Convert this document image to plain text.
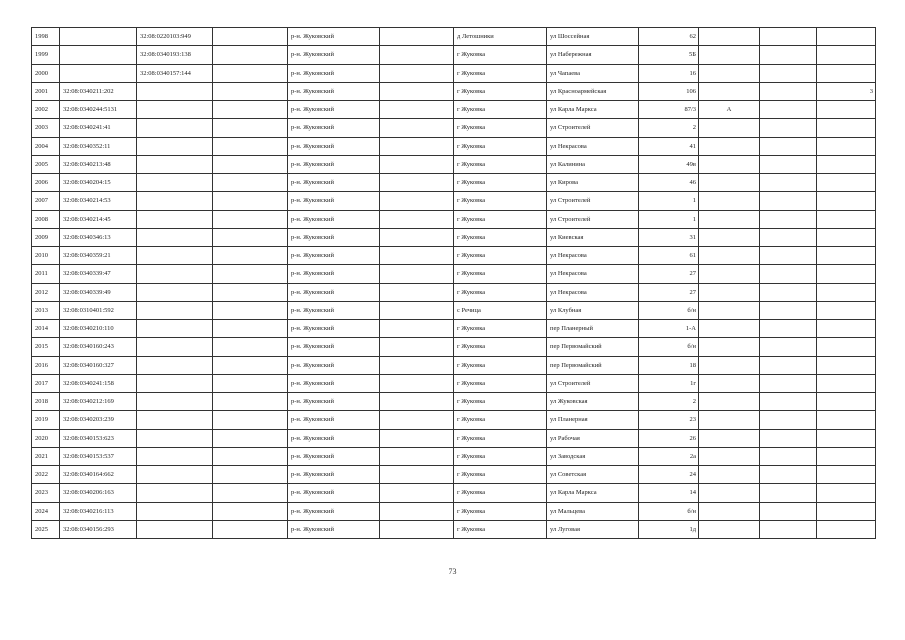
1998		32:08:0220103:949		р-н. Жуковский		д Летошники	ул Шоссейная	62			
1999		32:08:0340193:138		р-н. Жуковский		г Жуковка	ул Набережная	5Б			
2000		32:08:0340157:144		р-н. Жуковский		г Жуковка	ул Чапаева	16			
2001	32:08:0340211:202			р-н. Жуковский		г Жуковка	ул Красноармейская	106			3
2002	32:08:0340244:5131			р-н. Жуковский		г Жуковка	ул Карла Маркса	87/3	А		
2003	32:08:0340241:41			р-н. Жуковский		г Жуковка	ул Строителей	2			
2004	32:08:0340352:11			р-н. Жуковский		г Жуковка	ул Некрасова	41			
2005	32:08:0340213:48			р-н. Жуковский		г Жуковка	ул Калинина	49в			
2006	32:08:0340204:15			р-н. Жуковский		г Жуковка	ул Кирова	46			
2007	32:08:0340214:53			р-н. Жуковский		г Жуковка	ул Строителей	1			
2008	32:08:0340214:45			р-н. Жуковский		г Жуковка	ул Строителей	1			
2009	32:08:0340346:13			р-н. Жуковский		г Жуковка	ул Киевская	31			
2010	32:08:0340359:21			р-н. Жуковский		г Жуковка	ул Некрасова	61			
2011	32:08:0340339:47			р-н. Жуковский		г Жуковка	ул Некрасова	27			
2012	32:08:0340339:49			р-н. Жуковский		г Жуковка	ул Некрасова	27			
2013	32:08:0310401:592			р-н. Жуковский		с Речица	ул Клубная	б/н			
2014	32:08:0340210:110			р-н. Жуковский		г Жуковка	пер Планерный	1-А			
2015	32:08:0340160:243			р-н. Жуковский		г Жуковка	пер Первомайский	б/н			
2016	32:08:0340160:327			р-н. Жуковский		г Жуковка	пер Первомайский	18			
2017	32:08:0340241:158			р-н. Жуковский		г Жуковка	ул Строителей	1г			
2018	32:08:0340212:169			р-н. Жуковский		г Жуковка	ул Жуковская	2			
2019	32:08:0340203:239			р-н. Жуковский		г Жуковка	ул Планерная	23			
2020	32:08:0340153:623			р-н. Жуковский		г Жуковка	ул Рабочая	26			
2021	32:08:0340153:537			р-н. Жуковский		г Жуковка	ул Заводская	2а			
2022	32:08:0340164:662			р-н. Жуковский		г Жуковка	ул Советская	24			
2023	32:08:0340206:163			р-н. Жуковский		г Жуковка	ул Карла Маркса	14			
2024	32:08:0340216:113			р-н. Жуковский		г Жуковка	ул Мальцева	б/н			
2025	32:08:0340156:293			р-н. Жуковский		г Жуковка	ул Луговая	1д			
73
